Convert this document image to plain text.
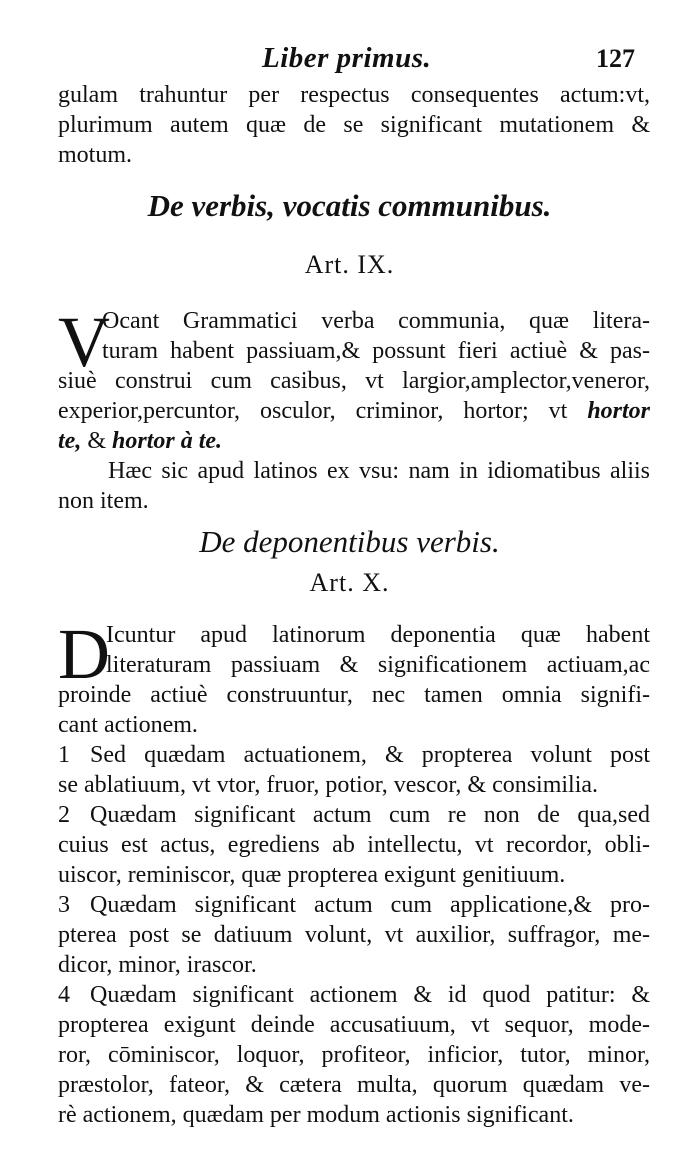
Liber primus.	127
gulam trahuntur per respectus consequentes actum:vt,
plurimum autem quæ de se significant mutationem &
motum.
De verbis, vocatis communibus.
Art. IX.
V
Ocant Grammatici verba communia, quæ litera-
turam habent passiuam,& possunt fieri actiuè & pas-
siuè construi cum casibus, vt largior,amplector,veneror,
experior,percuntor, osculor, criminor, hortor; vt hortor
te, & hortor à te.
Hæc sic apud latinos ex vsu: nam in idiomatibus aliis
non item.
De deponentibus verbis.
Art. X.
D
Icuntur apud latinorum deponentia quæ habent
literaturam passiuam & significationem actiuam,ac
proinde actiuè construuntur, nec tamen omnia signifi-
cant actionem.
1 Sed quædam actuationem, & propterea volunt post
se ablatiuum, vt vtor, fruor, potior, vescor, & consimilia.
2 Quædam significant actum cum re non de qua,sed
cuius est actus, egrediens ab intellectu, vt recordor, obli-
uiscor, reminiscor, quæ propterea exigunt genitiuum.
3 Quædam significant actum cum applicatione,& pro-
pterea post se datiuum volunt, vt auxilior, suffragor, me-
dicor, minor, irascor.
4 Quædam significant actionem & id quod patitur: &
propterea exigunt deinde accusatiuum, vt sequor, mode-
ror, cōminiscor, loquor, profiteor, inficior, tutor, minor,
præstolor, fateor, & cætera multa, quorum quædam ve-
rè actionem, quædam per modum actionis significant.
